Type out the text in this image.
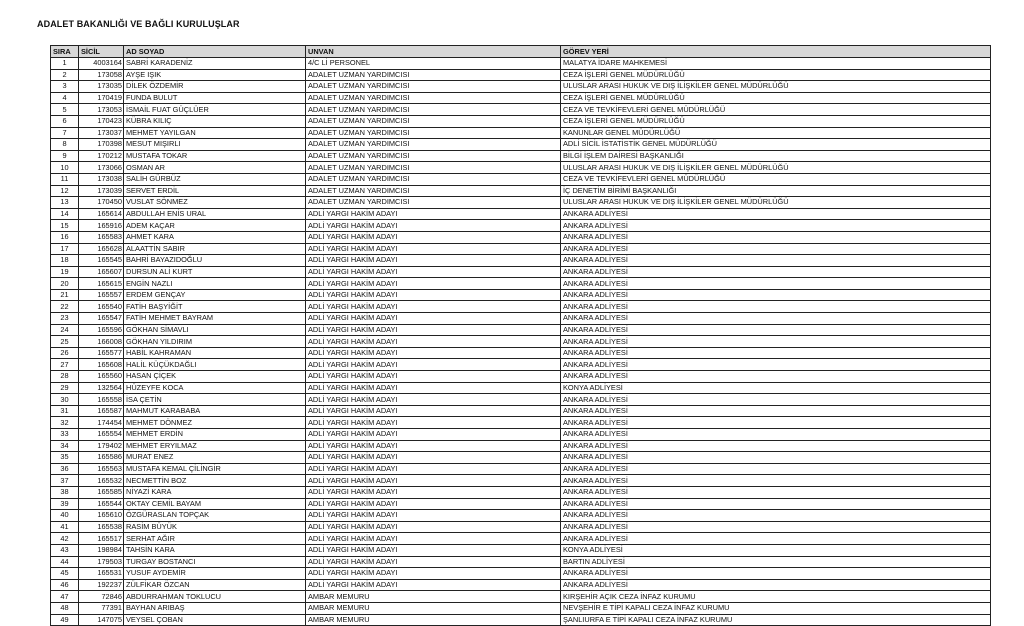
ADALET BAKANLIĞI VE BAĞLI KURULUŞLAR
SIRA	SİCİL	AD SOYAD	UNVAN	GÖREV YERİ
1	4003164	SABRİ KARADENİZ	4/C Lİ PERSONEL	MALATYA İDARE MAHKEMESİ
2	173058	AYŞE IŞIK	ADALET UZMAN YARDIMCISI	CEZA İŞLERİ GENEL MÜDÜRLÜĞÜ
3	173035	DİLEK ÖZDEMİR	ADALET UZMAN YARDIMCISI	ULUSLAR ARASI HUKUK VE DIŞ İLİŞKİLER GENEL MÜDÜRLÜĞÜ
4	170419	FUNDA BULUT	ADALET UZMAN YARDIMCISI	CEZA İŞLERİ GENEL MÜDÜRLÜĞÜ
5	173053	İSMAİL FUAT GÜÇLÜER	ADALET UZMAN YARDIMCISI	CEZA VE TEVKİFEVLERİ GENEL MÜDÜRLÜĞÜ
6	170423	KÜBRA KILIÇ	ADALET UZMAN YARDIMCISI	CEZA İŞLERİ GENEL MÜDÜRLÜĞÜ
7	173037	MEHMET YAYILGAN	ADALET UZMAN YARDIMCISI	KANUNLAR GENEL MÜDÜRLÜĞÜ
8	170398	MESUT MIŞIRLI	ADALET UZMAN YARDIMCISI	ADLİ SİCİL İSTATİSTİK GENEL MÜDÜRLÜĞÜ
9	170212	MUSTAFA TOKAR	ADALET UZMAN YARDIMCISI	BİLGİ İŞLEM DAİRESİ BAŞKANLIĞI
10	173066	OSMAN AR	ADALET UZMAN YARDIMCISI	ULUSLAR ARASI HUKUK VE DIŞ İLİŞKİLER GENEL MÜDÜRLÜĞÜ
11	173038	SALİH GÜRBÜZ	ADALET UZMAN YARDIMCISI	CEZA VE TEVKİFEVLERİ GENEL MÜDÜRLÜĞÜ
12	173039	SERVET ERDİL	ADALET UZMAN YARDIMCISI	İÇ DENETİM BİRİMİ BAŞKANLIĞI
13	170450	VUSLAT SÖNMEZ	ADALET UZMAN YARDIMCISI	ULUSLAR ARASI HUKUK VE DIŞ İLİŞKİLER GENEL MÜDÜRLÜĞÜ
14	165614	ABDULLAH ENİS URAL	ADLİ YARGI HAKİM ADAYI	ANKARA ADLİYESİ
15	165916	ADEM KAÇAR	ADLİ YARGI HAKİM ADAYI	ANKARA ADLİYESİ
16	165583	AHMET KARA	ADLİ YARGI HAKİM ADAYI	ANKARA ADLİYESİ
17	165628	ALAATTİN SABIR	ADLİ YARGI HAKİM ADAYI	ANKARA ADLİYESİ
18	165545	BAHRİ BAYAZIDOĞLU	ADLİ YARGI HAKİM ADAYI	ANKARA ADLİYESİ
19	165607	DURSUN ALİ KURT	ADLİ YARGI HAKİM ADAYI	ANKARA ADLİYESİ
20	165615	ENGİN NAZLI	ADLİ YARGI HAKİM ADAYI	ANKARA ADLİYESİ
21	165557	ERDEM GENÇAY	ADLİ YARGI HAKİM ADAYI	ANKARA ADLİYESİ
22	165540	FATİH BAŞYİĞİT	ADLİ YARGI HAKİM ADAYI	ANKARA ADLİYESİ
23	165547	FATİH MEHMET BAYRAM	ADLİ YARGI HAKİM ADAYI	ANKARA ADLİYESİ
24	165596	GÖKHAN SİMAVLI	ADLİ YARGI HAKİM ADAYI	ANKARA ADLİYESİ
25	166008	GÖKHAN YILDIRIM	ADLİ YARGI HAKİM ADAYI	ANKARA ADLİYESİ
26	165577	HABİL KAHRAMAN	ADLİ YARGI HAKİM ADAYI	ANKARA ADLİYESİ
27	165608	HALİL KÜÇÜKDAĞLI	ADLİ YARGI HAKİM ADAYI	ANKARA ADLİYESİ
28	165560	HASAN ÇİÇEK	ADLİ YARGI HAKİM ADAYI	ANKARA ADLİYESİ
29	132564	HÜZEYFE KOCA	ADLİ YARGI HAKİM ADAYI	KONYA ADLİYESİ
30	165558	İSA ÇETİN	ADLİ YARGI HAKİM ADAYI	ANKARA ADLİYESİ
31	165587	MAHMUT KARABABA	ADLİ YARGI HAKİM ADAYI	ANKARA ADLİYESİ
32	174454	MEHMET DÖNMEZ	ADLİ YARGI HAKİM ADAYI	ANKARA ADLİYESİ
33	165554	MEHMET ERDİN	ADLİ YARGI HAKİM ADAYI	ANKARA ADLİYESİ
34	179402	MEHMET ERYILMAZ	ADLİ YARGI HAKİM ADAYI	ANKARA ADLİYESİ
35	165586	MURAT ENEZ	ADLİ YARGI HAKİM ADAYI	ANKARA ADLİYESİ
36	165563	MUSTAFA KEMAL ÇİLİNGİR	ADLİ YARGI HAKİM ADAYI	ANKARA ADLİYESİ
37	165532	NECMETTİN BOZ	ADLİ YARGI HAKİM ADAYI	ANKARA ADLİYESİ
38	165585	NİYAZİ KARA	ADLİ YARGI HAKİM ADAYI	ANKARA ADLİYESİ
39	165544	OKTAY CEMİL BAYAM	ADLİ YARGI HAKİM ADAYI	ANKARA ADLİYESİ
40	165610	ÖZGÜRASLAN TOPÇAK	ADLİ YARGI HAKİM ADAYI	ANKARA ADLİYESİ
41	165538	RASİM BÜYÜK	ADLİ YARGI HAKİM ADAYI	ANKARA ADLİYESİ
42	165517	SERHAT AĞIR	ADLİ YARGI HAKİM ADAYI	ANKARA ADLİYESİ
43	198984	TAHSİN KARA	ADLİ YARGI HAKİM ADAYI	KONYA ADLİYESİ
44	179503	TURGAY BOSTANCI	ADLİ YARGI HAKİM ADAYI	BARTIN ADLİYESİ
45	165531	YUSUF AYDEMİR	ADLİ YARGI HAKİM ADAYI	ANKARA ADLİYESİ
46	192237	ZÜLFİKAR ÖZCAN	ADLİ YARGI HAKİM ADAYI	ANKARA ADLİYESİ
47	72846	ABDURRAHMAN TOKLUCU	AMBAR MEMURU	KIRŞEHİR AÇIK CEZA İNFAZ KURUMU
48	77391	BAYHAN ARIBAŞ	AMBAR MEMURU	NEVŞEHİR E TİPİ KAPALI CEZA İNFAZ KURUMU
49	147075	VEYSEL ÇOBAN	AMBAR MEMURU	ŞANLIURFA E TİPİ KAPALI CEZA İNFAZ KURUMU
